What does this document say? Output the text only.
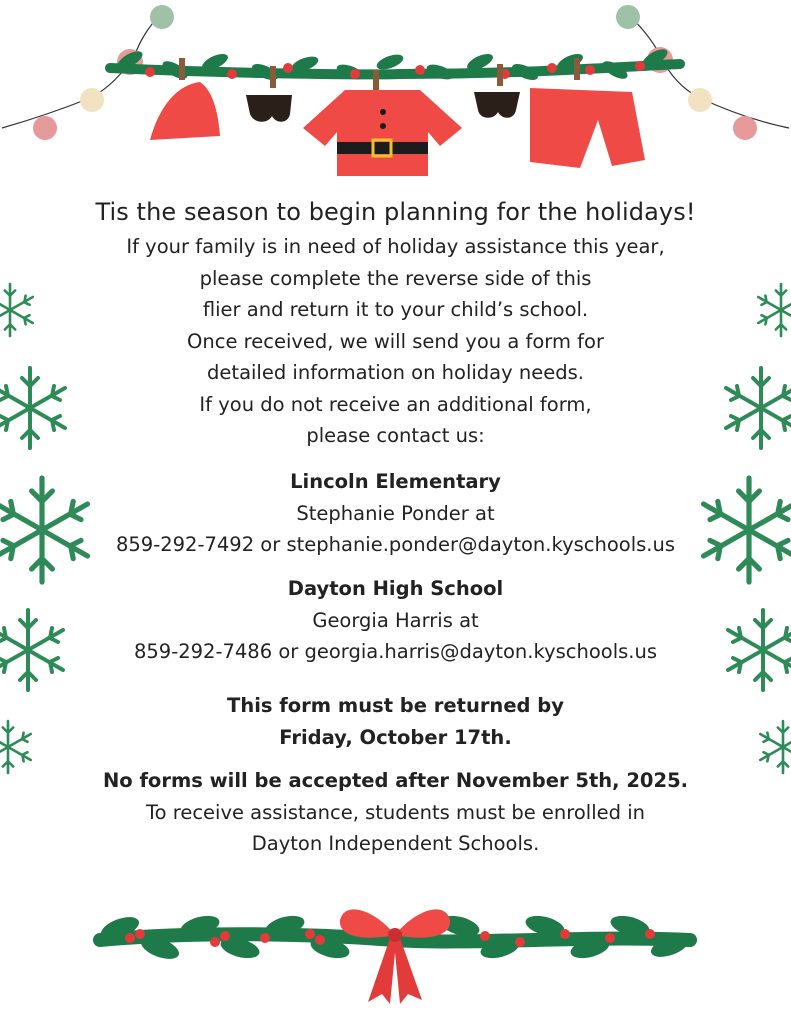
Tis the season to begin planning for the holidays!
If your family is in need of holiday assistance this year,
please complete the reverse side of this
flier and return it to your child’s school.
Once received, we will send you a form for
detailed information on holiday needs.
If you do not receive an additional form,
please contact us:
Lincoln Elementary
Stephanie Ponder at
859-292-7492 or stephanie.ponder@dayton.kyschools.us
Dayton High School
Georgia Harris at
859-292-7486 or georgia.harris@dayton.kyschools.us
This form must be returned by
Friday, October 17th.
No forms will be accepted after November 5th, 2025.
To receive assistance, students must be enrolled in
Dayton Independent Schools.
